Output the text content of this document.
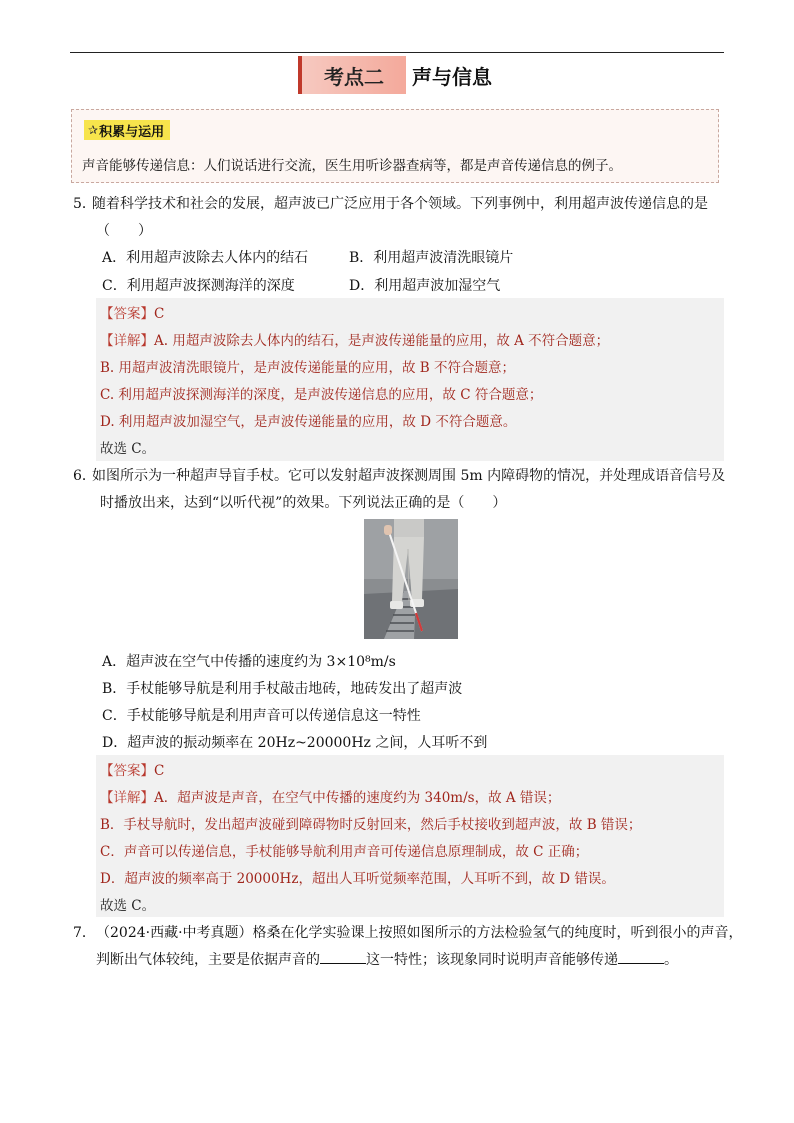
考点二	声与信息
✰ 积累与运用
声音能够传递信息：人们说话进行交流，医生用听诊器查病等，都是声音传递信息的例子。
5．
随着科学技术和社会的发展，超声波已广泛应用于各个领域。下列事例中，利用超声波传递信息的是
（　　）
A．利用超声波除去人体内的结石	B．利用超声波清洗眼镜片
C．利用超声波探测海洋的深度	D．利用超声波加湿空气
【答案】C
【详解】A. 用超声波除去人体内的结石，是声波传递能量的应用，故 A 不符合题意；
B. 用超声波清洗眼镜片，是声波传递能量的应用，故 B 不符合题意；
C. 利用超声波探测海洋的深度，是声波传递信息的应用，故 C 符合题意；
D. 利用超声波加湿空气，是声波传递能量的应用，故 D 不符合题意。
故选 C。
6．
如图所示为一种超声导盲手杖。它可以发射超声波探测周围 5m 内障碍物的情况，并处理成语音信号及
时播放出来，达到“以听代视”的效果。下列说法正确的是（　　）
A．超声波在空气中传播的速度约为 3×10⁸m/s
B．手杖能够导航是利用手杖敲击地砖，地砖发出了超声波
C．手杖能够导航是利用声音可以传递信息这一特性
D．超声波的振动频率在 20Hz~20000Hz 之间，人耳听不到
【答案】C
【详解】A．超声波是声音，在空气中传播的速度约为 340m/s，故 A 错误；
B．手杖导航时，发出超声波碰到障碍物时反射回来，然后手杖接收到超声波，故 B 错误；
C．声音可以传递信息，手杖能够导航利用声音可传递信息原理制成，故 C 正确；
D．超声波的频率高于 20000Hz，超出人耳听觉频率范围，人耳听不到，故 D 错误。
故选 C。
7． （2024·西藏·中考真题）格桑在化学实验课上按照如图所示的方法检验氢气的纯度时，听到很小的声音，
判断出气体较纯，主要是依据声音的	这一特性；该现象同时说明声音能够传递	。
